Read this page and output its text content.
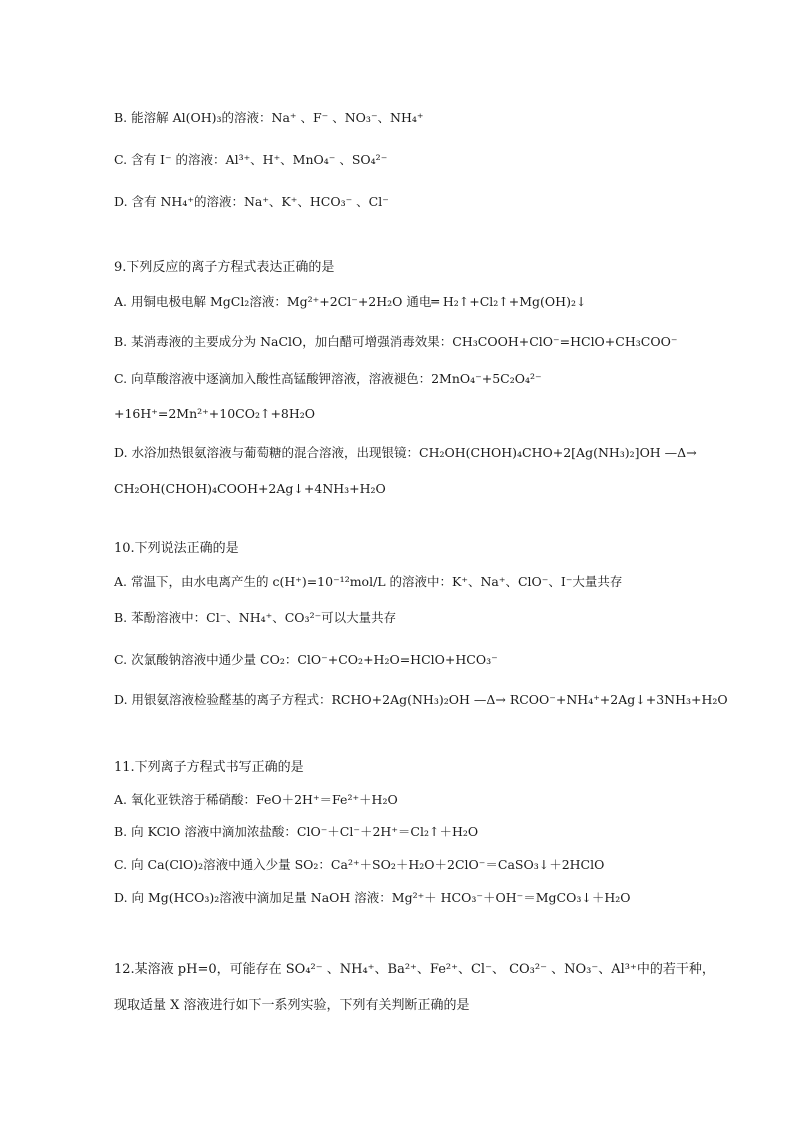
B. 能溶解 Al(OH)₃的溶液：Na⁺ 、F⁻ 、NO₃⁻、NH₄⁺

C. 含有 I⁻ 的溶液：Al³⁺、H⁺、MnO₄⁻ 、SO₄²⁻

D. 含有 NH₄⁺的溶液：Na⁺、K⁺、HCO₃⁻ 、Cl⁻

9.下列反应的离子方程式表达正确的是

A. 用铜电极电解 MgCl₂溶液：Mg²⁺+2Cl⁻+2H₂O 通电═ H₂↑+Cl₂↑+Mg(OH)₂↓

B. 某消毒液的主要成分为 NaClO，加白醋可增强消毒效果：CH₃COOH+ClO⁻=HClO+CH₃COO⁻

C. 向草酸溶液中逐滴加入酸性高锰酸钾溶液，溶液褪色：2MnO₄⁻+5C₂O₄²⁻

+16H⁺=2Mn²⁺+10CO₂↑+8H₂O

D. 水浴加热银氨溶液与葡萄糖的混合溶液，出现银镜：CH₂OH(CHOH)₄CHO+2[Ag(NH₃)₂]OH —Δ→

CH₂OH(CHOH)₄COOH+2Ag↓+4NH₃+H₂O

10.下列说法正确的是

A. 常温下，由水电离产生的 c(H⁺)=10⁻¹²mol/L 的溶液中：K⁺、Na⁺、ClO⁻、I⁻大量共存

B. 苯酚溶液中：Cl⁻、NH₄⁺、CO₃²⁻可以大量共存

C. 次氯酸钠溶液中通少量 CO₂：ClO⁻+CO₂+H₂O=HClO+HCO₃⁻

D. 用银氨溶液检验醛基的离子方程式：RCHO+2Ag(NH₃)₂OH —Δ→ RCOO⁻+NH₄⁺+2Ag↓+3NH₃+H₂O

11.下列离子方程式书写正确的是

A. 氧化亚铁溶于稀硝酸：FeO＋2H⁺＝Fe²⁺＋H₂O

B. 向 KClO 溶液中滴加浓盐酸：ClO⁻＋Cl⁻＋2H⁺＝Cl₂↑＋H₂O

C. 向 Ca(ClO)₂溶液中通入少量 SO₂：Ca²⁺＋SO₂＋H₂O＋2ClO⁻＝CaSO₃↓＋2HClO

D. 向 Mg(HCO₃)₂溶液中滴加足量 NaOH 溶液：Mg²⁺＋ HCO₃⁻＋OH⁻＝MgCO₃↓＋H₂O

12.某溶液 pH=0，可能存在 SO₄²⁻ 、NH₄⁺、Ba²⁺、Fe²⁺、Cl⁻、 CO₃²⁻ 、NO₃⁻、Al³⁺中的若干种，

现取适量 X 溶液进行如下一系列实验，下列有关判断正确的是
